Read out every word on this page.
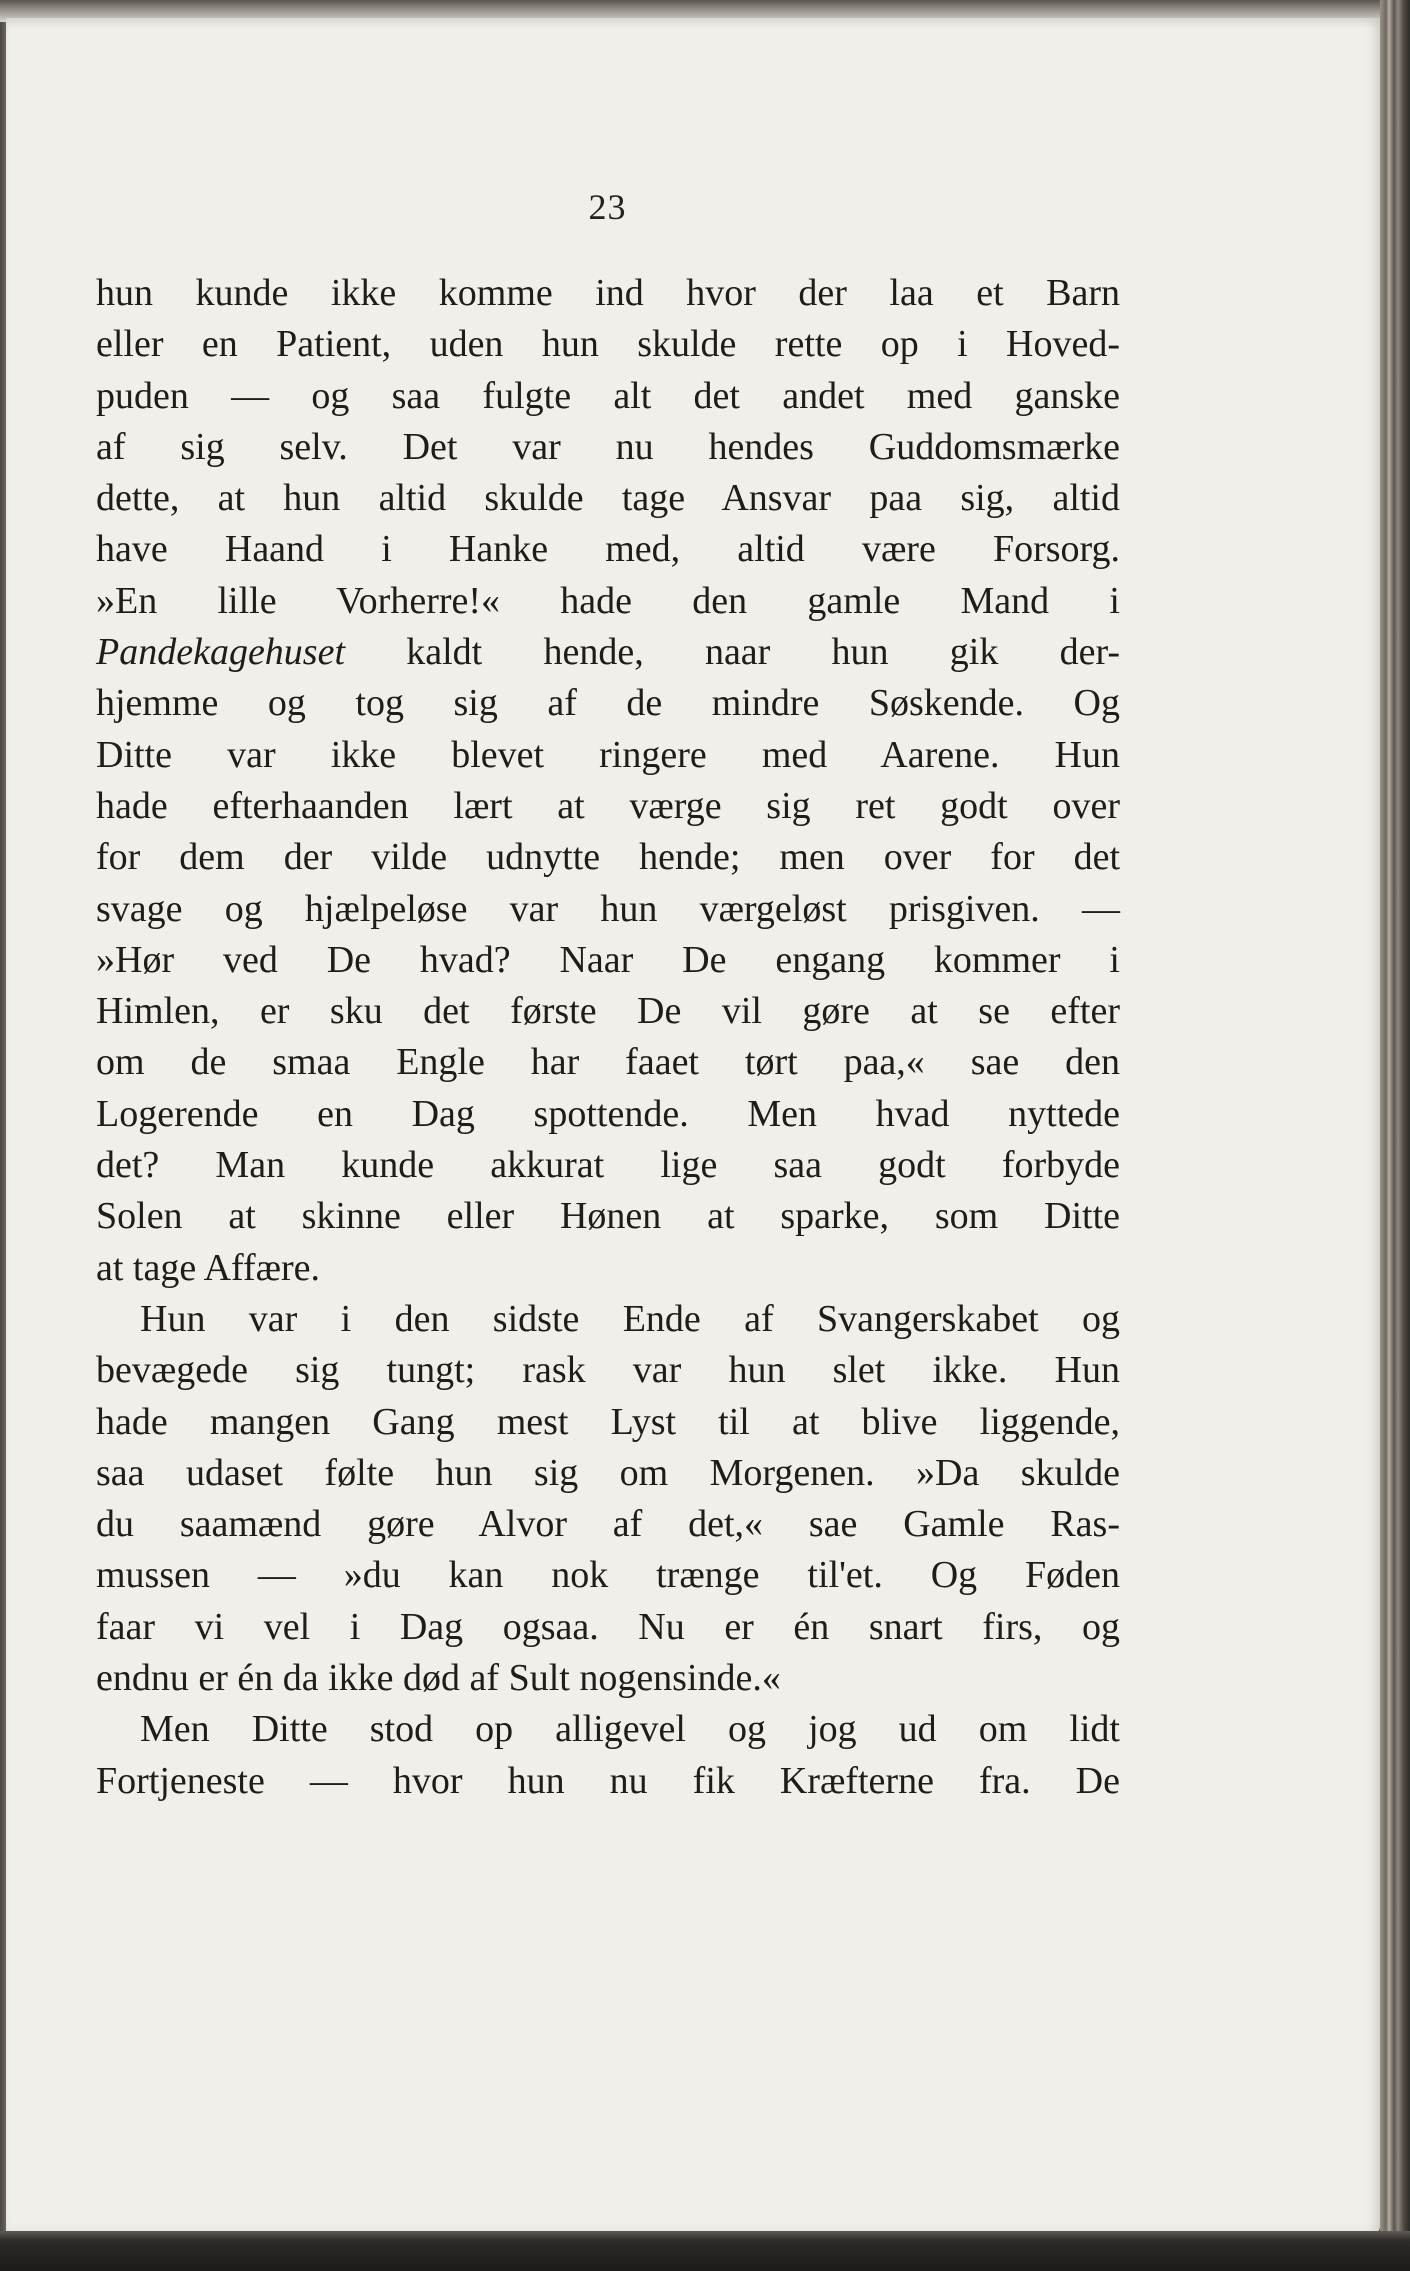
23
hun kunde ikke komme ind hvor der laa et Barn
eller en Patient, uden hun skulde rette op i Hoved-
puden — og saa fulgte alt det andet med ganske
af sig selv. Det var nu hendes Guddomsmærke
dette, at hun altid skulde tage Ansvar paa sig, altid
have Haand i Hanke med, altid være Forsorg.
»En lille Vorherre!« hade den gamle Mand i
Pandekagehuset kaldt hende, naar hun gik der-
hjemme og tog sig af de mindre Søskende. Og
Ditte var ikke blevet ringere med Aarene. Hun
hade efterhaanden lært at værge sig ret godt over
for dem der vilde udnytte hende; men over for det
svage og hjælpeløse var hun værgeløst prisgiven. —
»Hør ved De hvad? Naar De engang kommer i
Himlen, er sku det første De vil gøre at se efter
om de smaa Engle har faaet tørt paa,« sae den
Logerende en Dag spottende. Men hvad nyttede
det? Man kunde akkurat lige saa godt forbyde
Solen at skinne eller Hønen at sparke, som Ditte
at tage Affære.
Hun var i den sidste Ende af Svangerskabet og
bevægede sig tungt; rask var hun slet ikke. Hun
hade mangen Gang mest Lyst til at blive liggende,
saa udaset følte hun sig om Morgenen. »Da skulde
du saamænd gøre Alvor af det,« sae Gamle Ras-
mussen — »du kan nok trænge til'et. Og Føden
faar vi vel i Dag ogsaa. Nu er én snart firs, og
endnu er én da ikke død af Sult nogensinde.«
Men Ditte stod op alligevel og jog ud om lidt
Fortjeneste — hvor hun nu fik Kræfterne fra. De
